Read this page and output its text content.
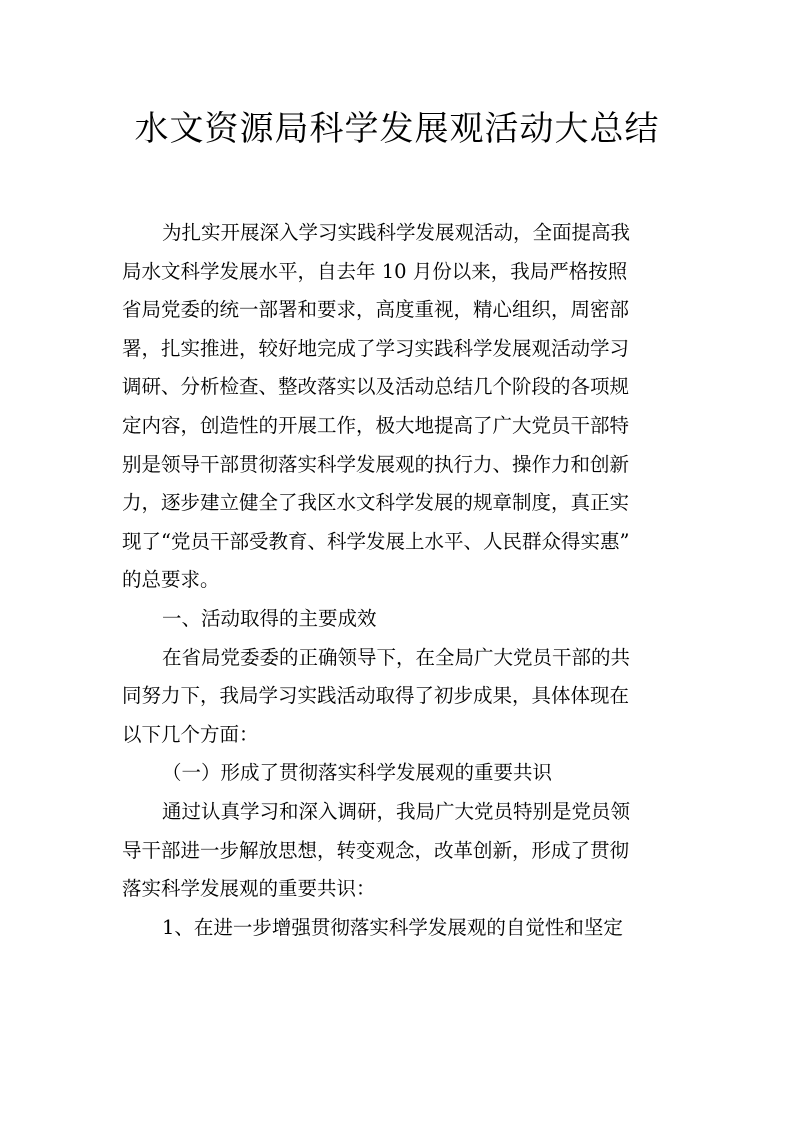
水文资源局科学发展观活动大总结
为扎实开展深入学习实践科学发展观活动，全面提高我
局水文科学发展水平，自去年 10 月份以来，我局严格按照
省局党委的统一部署和要求，高度重视，精心组织，周密部
署，扎实推进，较好地完成了学习实践科学发展观活动学习
调研、分析检查、整改落实以及活动总结几个阶段的各项规
定内容，创造性的开展工作，极大地提高了广大党员干部特
别是领导干部贯彻落实科学发展观的执行力、操作力和创新
力，逐步建立健全了我区水文科学发展的规章制度，真正实
现了“党员干部受教育、科学发展上水平、人民群众得实惠”
的总要求。
一、活动取得的主要成效
在省局党委委的正确领导下，在全局广大党员干部的共
同努力下，我局学习实践活动取得了初步成果，具体体现在
以下几个方面：
（一）形成了贯彻落实科学发展观的重要共识
通过认真学习和深入调研，我局广大党员特别是党员领
导干部进一步解放思想，转变观念，改革创新，形成了贯彻
落实科学发展观的重要共识：
1、在进一步增强贯彻落实科学发展观的自觉性和坚定
